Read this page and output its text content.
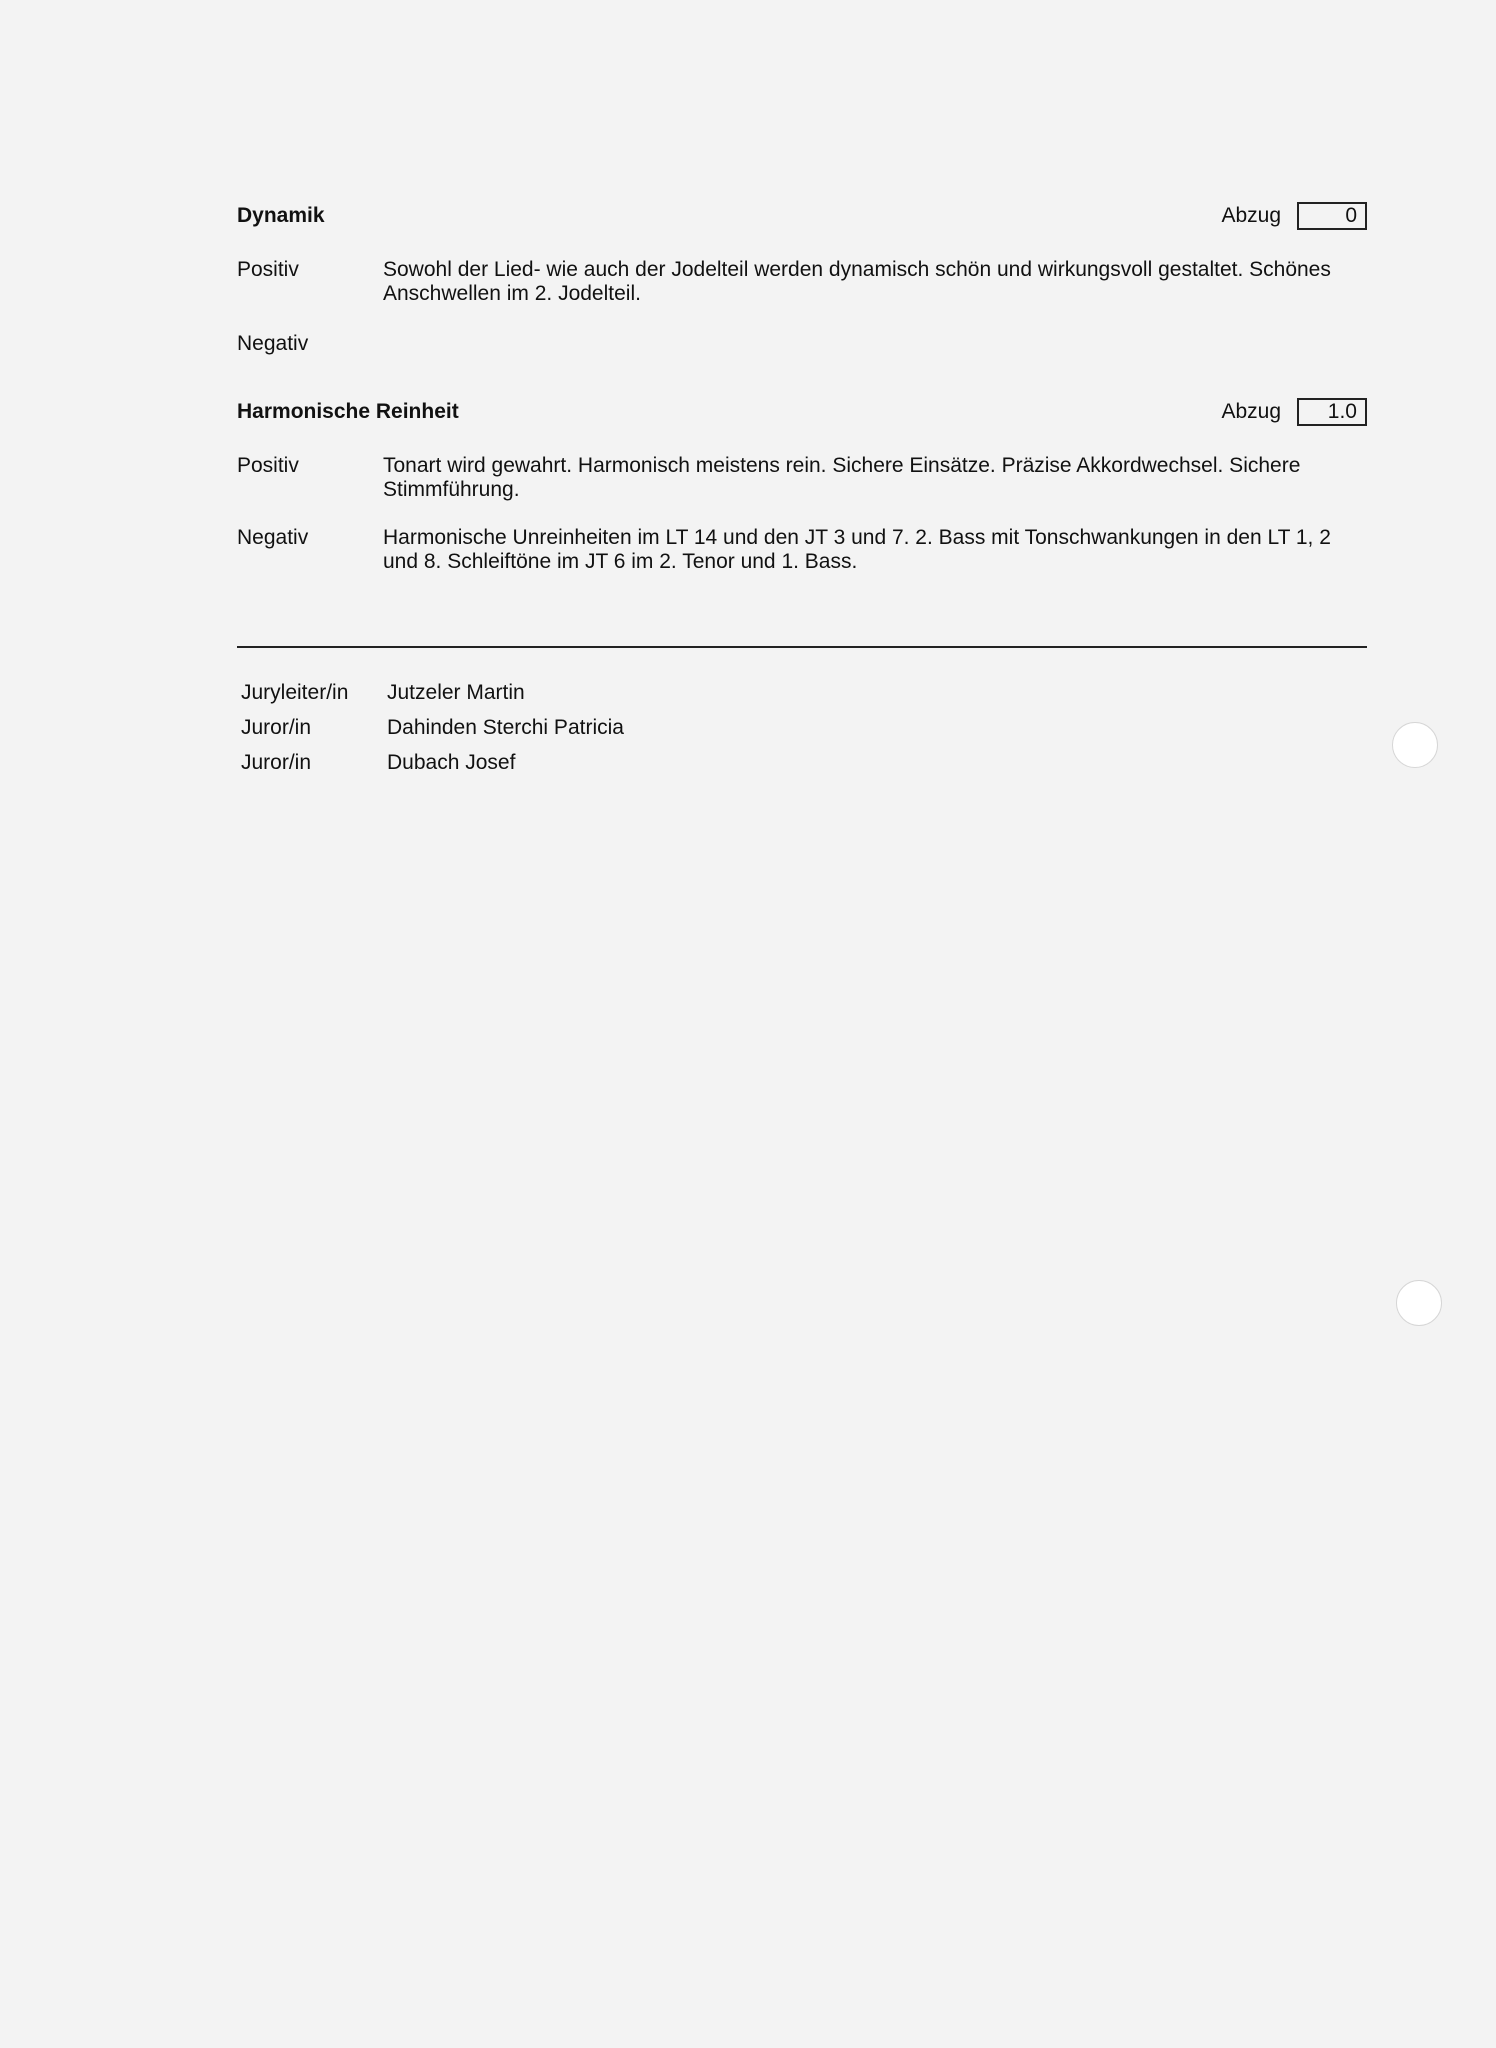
Dynamik	Abzug	0
Positiv	Sowohl der Lied- wie auch der Jodelteil werden dynamisch schön und wirkungsvoll gestaltet. Schönes Anschwellen im 2. Jodelteil.
Negativ
Harmonische Reinheit	Abzug	1.0
Positiv	Tonart wird gewahrt. Harmonisch meistens rein. Sichere Einsätze. Präzise Akkordwechsel. Sichere Stimmführung.
Negativ	Harmonische Unreinheiten im LT 14 und den JT 3 und 7. 2. Bass mit Tonschwankungen in den LT 1, 2 und 8. Schleiftöne im JT 6 im 2. Tenor und 1. Bass.
Juryleiter/in	Jutzeler Martin
Juror/in	Dahinden Sterchi Patricia
Juror/in	Dubach Josef
